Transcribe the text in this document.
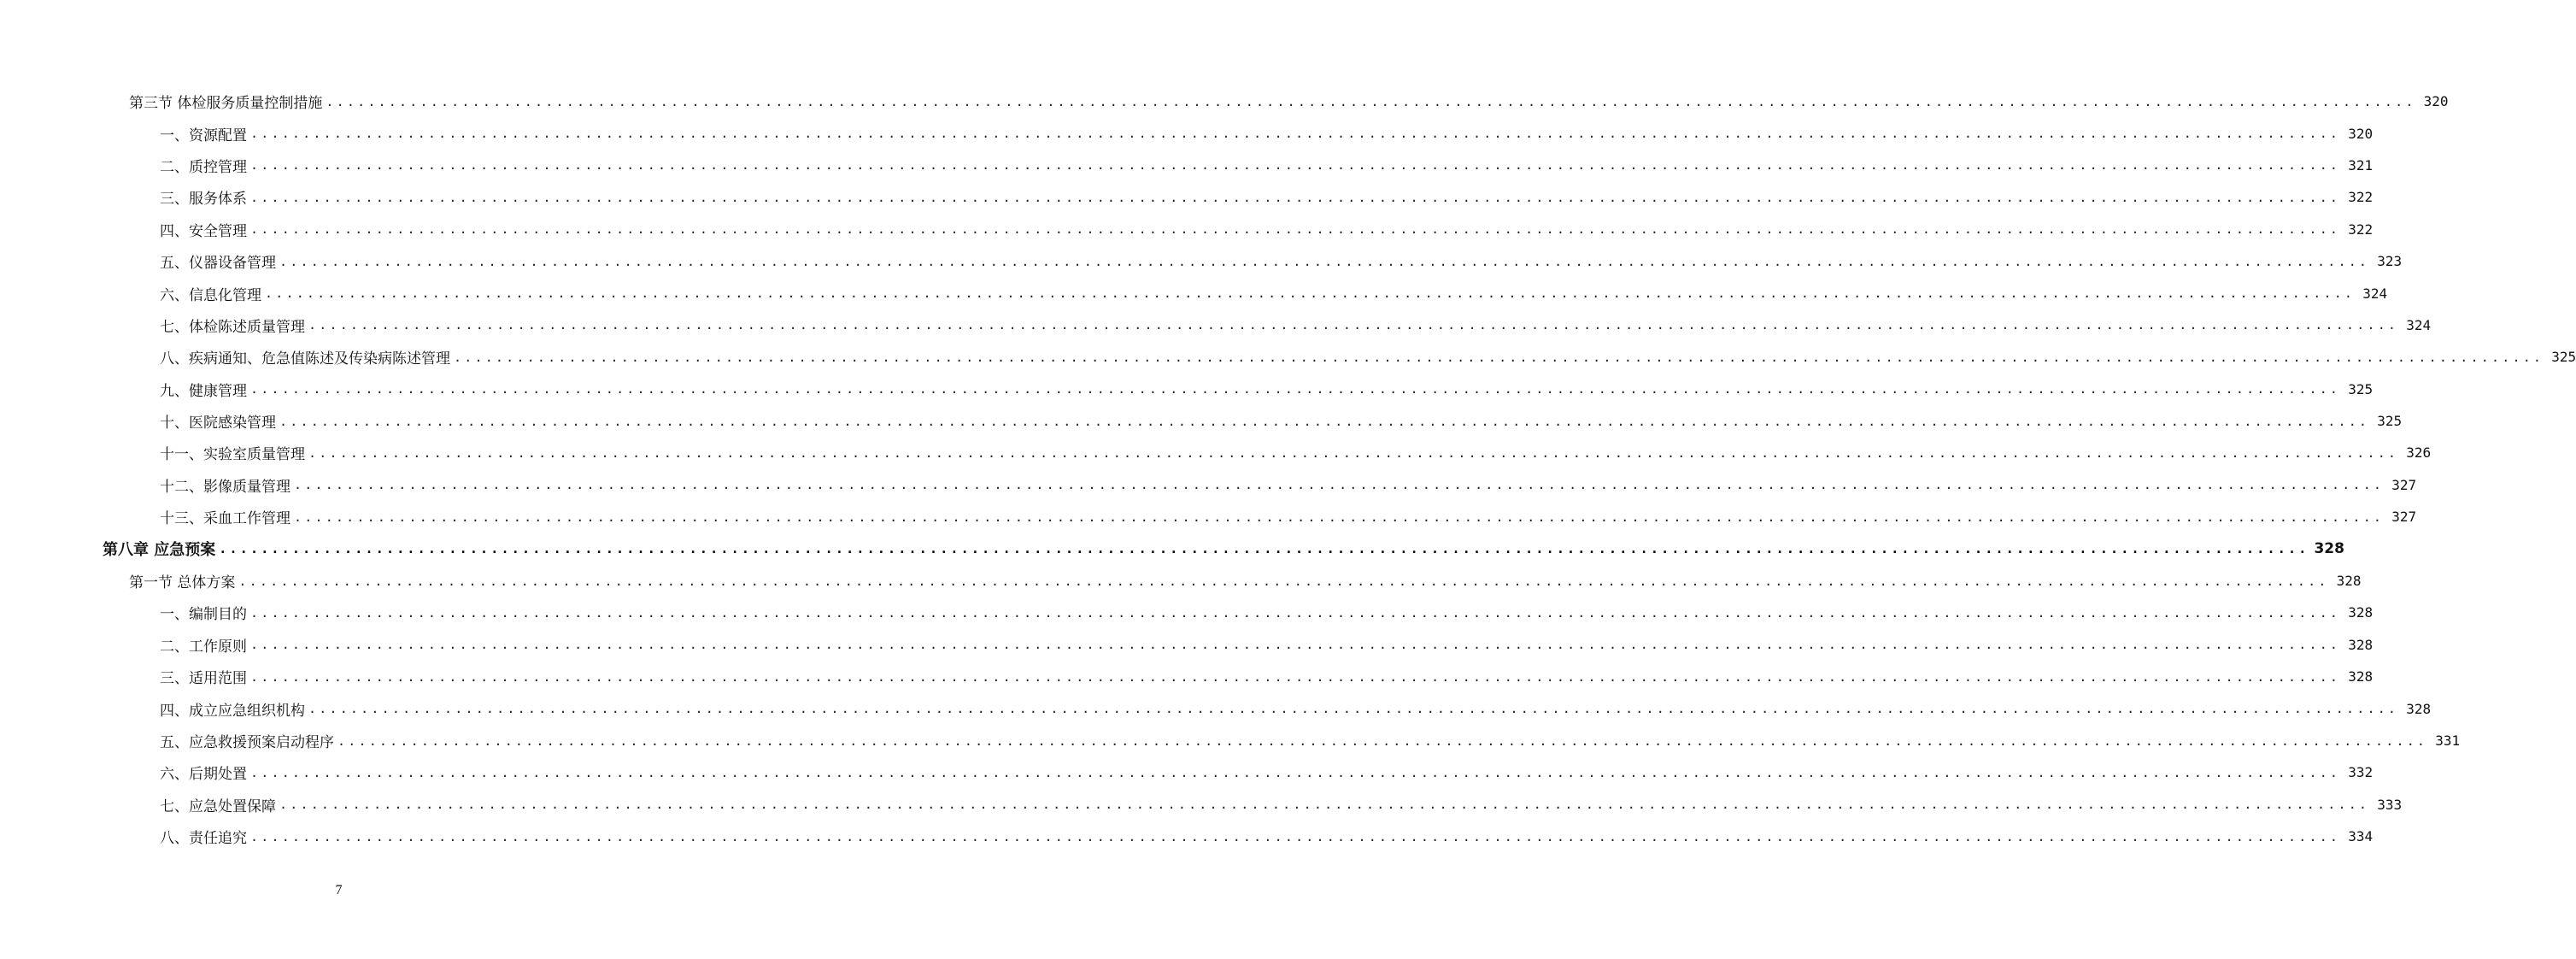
第三节 体检服务质量控制措施 ........................................................................................................................................................................................................ 320
一、资源配置 ........................................................................................................................................................................................................ 320
二、质控管理 ........................................................................................................................................................................................................ 321
三、服务体系 ........................................................................................................................................................................................................ 322
四、安全管理 ........................................................................................................................................................................................................ 322
五、仪器设备管理 ........................................................................................................................................................................................................ 323
六、信息化管理 ........................................................................................................................................................................................................ 324
七、体检陈述质量管理 ........................................................................................................................................................................................................ 324
八、疾病通知、危急值陈述及传染病陈述管理 ........................................................................................................................................................................................................ 325
九、健康管理 ........................................................................................................................................................................................................ 325
十、医院感染管理 ........................................................................................................................................................................................................ 325
十一、实验室质量管理 ........................................................................................................................................................................................................ 326
十二、影像质量管理 ........................................................................................................................................................................................................ 327
十三、采血工作管理 ........................................................................................................................................................................................................ 327
第八章 应急预案 ........................................................................................................................................................................................................ 328
第一节 总体方案 ........................................................................................................................................................................................................ 328
一、编制目的 ........................................................................................................................................................................................................ 328
二、工作原则 ........................................................................................................................................................................................................ 328
三、适用范围 ........................................................................................................................................................................................................ 328
四、成立应急组织机构 ........................................................................................................................................................................................................ 328
五、应急救援预案启动程序 ........................................................................................................................................................................................................ 331
六、后期处置 ........................................................................................................................................................................................................ 332
七、应急处置保障 ........................................................................................................................................................................................................ 333
八、责任追究 ........................................................................................................................................................................................................ 334
7
